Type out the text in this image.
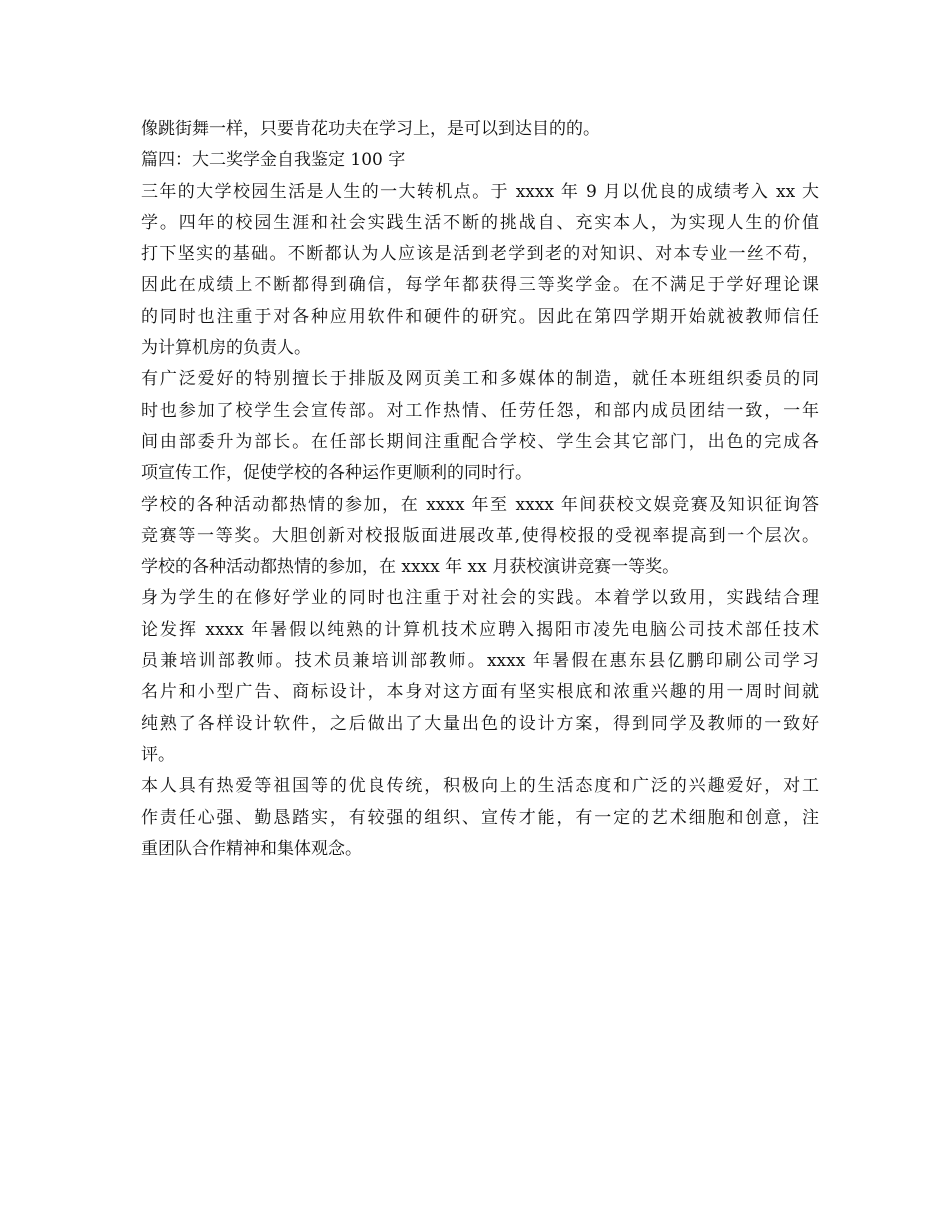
像跳街舞一样，只要肯花功夫在学习上，是可以到达目的的。
篇四：大二奖学金自我鉴定 100 字
三年的大学校园生活是人生的一大转机点。于 xxxx 年 9 月以优良的成绩考入 xx 大
学。四年的校园生涯和社会实践生活不断的挑战自、充实本人，为实现人生的价值
打下坚实的基础。不断都认为人应该是活到老学到老的对知识、对本专业一丝不苟，
因此在成绩上不断都得到确信，每学年都获得三等奖学金。在不满足于学好理论课
的同时也注重于对各种应用软件和硬件的研究。因此在第四学期开始就被教师信任
为计算机房的负责人。
有广泛爱好的特别擅长于排版及网页美工和多媒体的制造，就任本班组织委员的同
时也参加了校学生会宣传部。对工作热情、任劳任怨，和部内成员团结一致，一年
间由部委升为部长。在任部长期间注重配合学校、学生会其它部门，出色的完成各
项宣传工作，促使学校的各种运作更顺利的同时行。
学校的各种活动都热情的参加，在 xxxx 年至 xxxx 年间获校文娱竞赛及知识征询答
竞赛等一等奖。大胆创新对校报版面进展改革,使得校报的受视率提高到一个层次。
学校的各种活动都热情的参加，在 xxxx 年 xx 月获校演讲竞赛一等奖。
身为学生的在修好学业的同时也注重于对社会的实践。本着学以致用，实践结合理
论发挥 xxxx 年暑假以纯熟的计算机技术应聘入揭阳市凌先电脑公司技术部任技术
员兼培训部教师。技术员兼培训部教师。xxxx 年暑假在惠东县亿鹏印刷公司学习
名片和小型广告、商标设计，本身对这方面有坚实根底和浓重兴趣的用一周时间就
纯熟了各样设计软件，之后做出了大量出色的设计方案，得到同学及教师的一致好
评。
本人具有热爱等祖国等的优良传统，积极向上的生活态度和广泛的兴趣爱好，对工
作责任心强、勤恳踏实，有较强的组织、宣传才能，有一定的艺术细胞和创意，注
重团队合作精神和集体观念。
